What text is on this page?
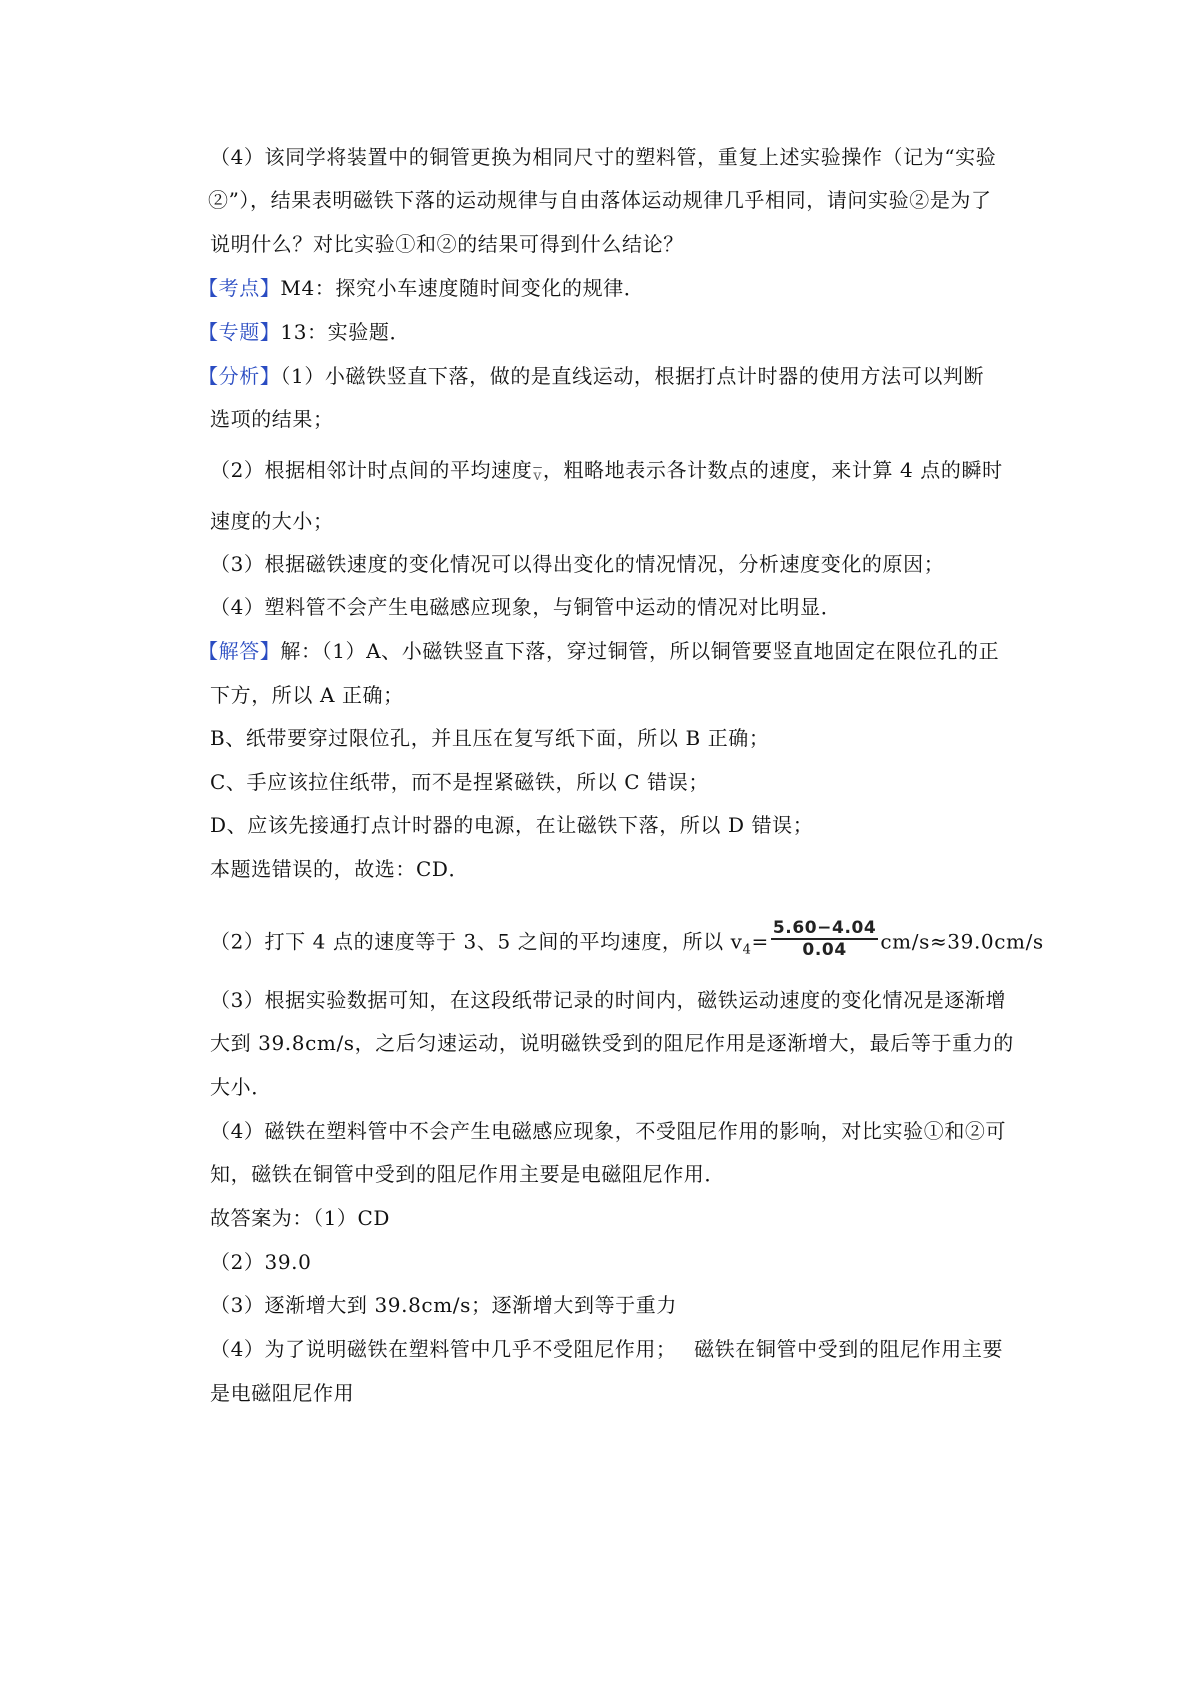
（4）该同学将装置中的铜管更换为相同尺寸的塑料管，重复上述实验操作（记为“实验
②”），结果表明磁铁下落的运动规律与自由落体运动规律几乎相同，请问实验②是为了
说明什么？对比实验①和②的结果可得到什么结论？
【考点】M4：探究小车速度随时间变化的规律．
【专题】13：实验题．
【分析】（1）小磁铁竖直下落，做的是直线运动，根据打点计时器的使用方法可以判断
选项的结果；
（2）根据相邻计时点间的平均速度$\overline{v}$，粗略地表示各计数点的速度，来计算 4 点的瞬时
速度的大小；
（3）根据磁铁速度的变化情况可以得出变化的情况情况，分析速度变化的原因；
（4）塑料管不会产生电磁感应现象，与铜管中运动的情况对比明显．
【解答】解：（1）A、小磁铁竖直下落，穿过铜管，所以铜管要竖直地固定在限位孔的正
下方，所以 A 正确；
B、纸带要穿过限位孔，并且压在复写纸下面，所以 B 正确；
C、手应该拉住纸带，而不是捏紧磁铁，所以 C 错误；
D、应该先接通打点计时器的电源，在让磁铁下落，所以 D 错误；
本题选错误的，故选：CD．
（2）打下 4 点的速度等于 3、5 之间的平均速度，所以 $v_4= \frac{5.60-4.04}{0.04} cm/s\approx 39.0cm/s$
（3）根据实验数据可知，在这段纸带记录的时间内，磁铁运动速度的变化情况是逐渐增
大到 39.8cm/s，之后匀速运动，说明磁铁受到的阻尼作用是逐渐增大，最后等于重力的
大小．
（4）磁铁在塑料管中不会产生电磁感应现象，不受阻尼作用的影响，对比实验①和②可
知，磁铁在铜管中受到的阻尼作用主要是电磁阻尼作用．
故答案为：（1）CD
（2）39.0
（3）逐渐增大到 39.8cm/s；逐渐增大到等于重力
（4）为了说明磁铁在塑料管中几乎不受阻尼作用；　 磁铁在铜管中受到的阻尼作用主要
是电磁阻尼作用
